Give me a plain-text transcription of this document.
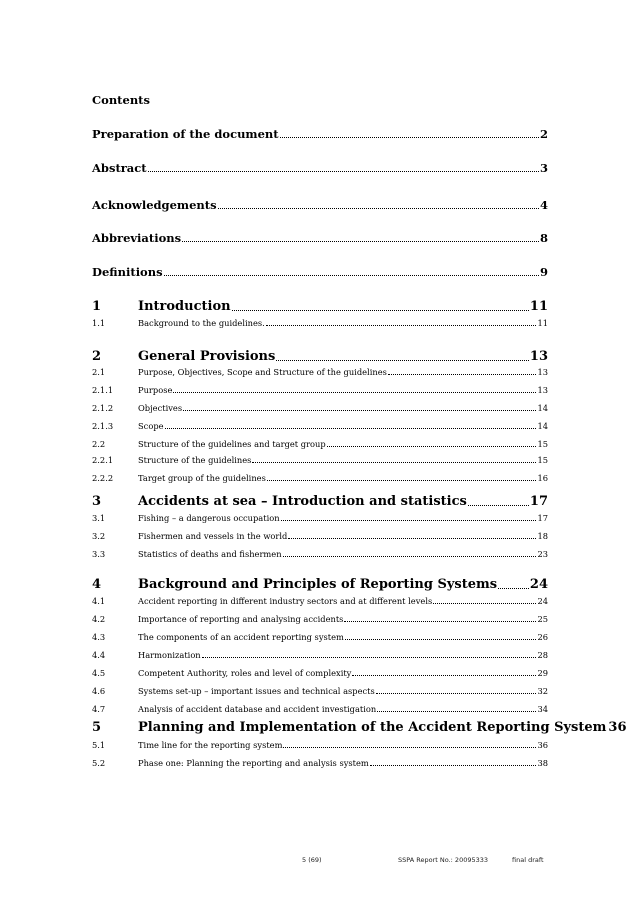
Contents
Preparation of the document	2
Abstract	3
Acknowledgements	4
Abbreviations	8
Definitions	9
1	Introduction	11
1.1	Background to the guidelines.	11
2	General Provisions	13
2.1	Purpose, Objectives, Scope and Structure of the guidelines	13
2.1.1	Purpose	13
2.1.2	Objectives	14
2.1.3	Scope	14
2.2	Structure of the guidelines and target group	15
2.2.1	Structure of the guidelines	15
2.2.2	Target group of the guidelines	16
3	Accidents at sea – Introduction and statistics	17
3.1	Fishing – a dangerous occupation	17
3.2	Fishermen and vessels in the world	18
3.3	Statistics of deaths and fishermen	23
4	Background and Principles of Reporting Systems	24
4.1	Accident reporting in different industry sectors and at different levels	24
4.2	Importance of reporting and analysing accidents	25
4.3	The components of an accident reporting system	26
4.4	Harmonization	28
4.5	Competent Authority, roles and level of complexity	29
4.6	Systems set-up – important issues and technical aspects	32
4.7	Analysis of accident database and accident investigation	34
5	Planning and Implementation of the Accident Reporting System 36
5.1	Time line for the reporting system	36
5.2	Phase one: Planning the reporting and analysis system	38
5 (69)	SSPA Report No.: 20095333	final draft
